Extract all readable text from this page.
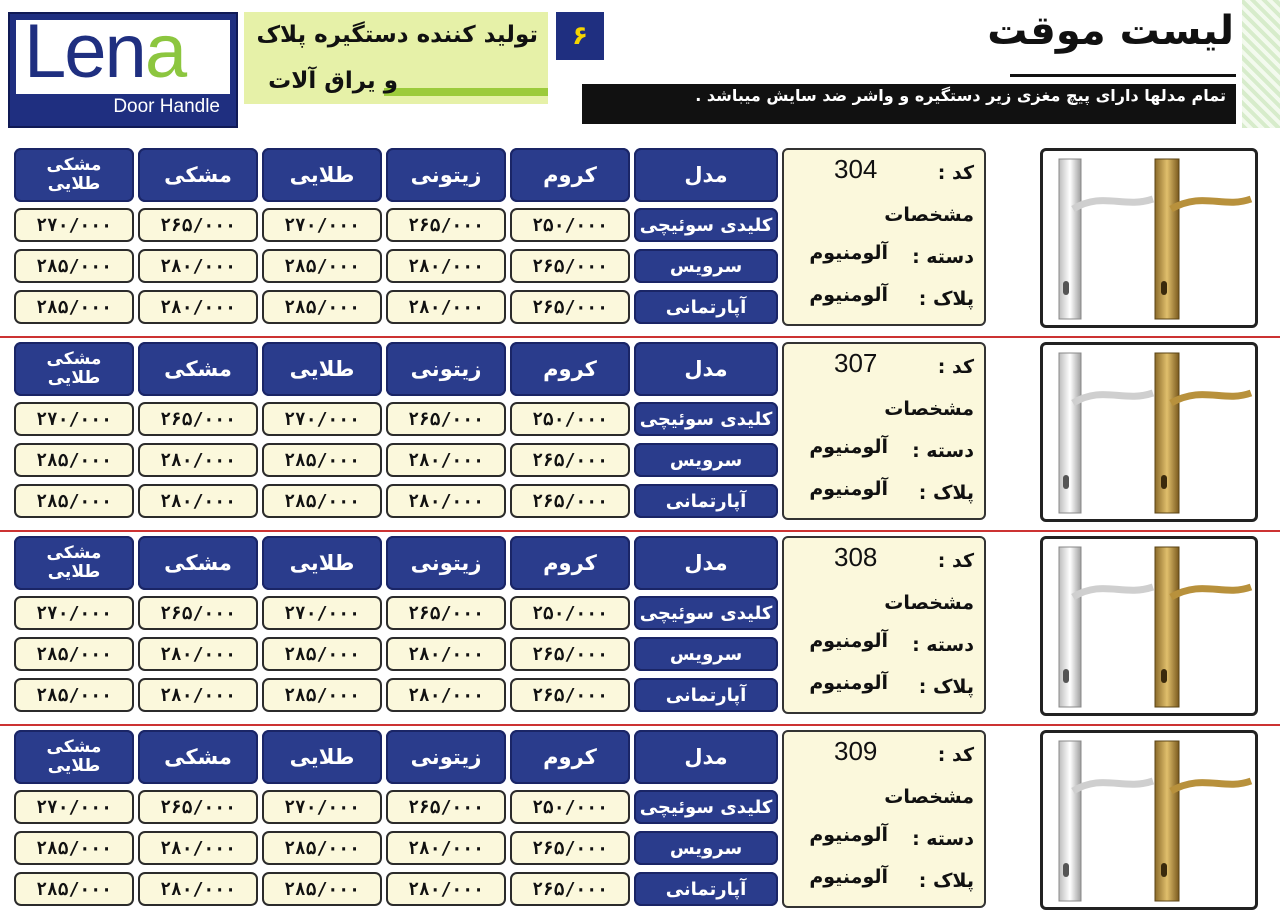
Lena
Door Handle
تولید کننده دستگیره پلاک
و یراق آلات
۶	لیست موقت
تمام مدلها دارای پیچ مغزی زیر دستگیره و واشر ضد سایش میباشد .
مدل
کروم
زیتونی
طلایی
مشکی
مشکی
طلایی
کلیدی سوئیچی
۲۵۰/۰۰۰
۲۶۵/۰۰۰
۲۷۰/۰۰۰
۲۶۵/۰۰۰
۲۷۰/۰۰۰
سرویس
۲۶۵/۰۰۰
۲۸۰/۰۰۰
۲۸۵/۰۰۰
۲۸۰/۰۰۰
۲۸۵/۰۰۰
آپارتمانی
۲۶۵/۰۰۰
۲۸۰/۰۰۰
۲۸۵/۰۰۰
۲۸۰/۰۰۰
۲۸۵/۰۰۰
کد :
304
مشخصات
دسته :
آلومنیوم
پلاک :
آلومنیوم
مدل
کروم
زیتونی
طلایی
مشکی
مشکی
طلایی
کلیدی سوئیچی
۲۵۰/۰۰۰
۲۶۵/۰۰۰
۲۷۰/۰۰۰
۲۶۵/۰۰۰
۲۷۰/۰۰۰
سرویس
۲۶۵/۰۰۰
۲۸۰/۰۰۰
۲۸۵/۰۰۰
۲۸۰/۰۰۰
۲۸۵/۰۰۰
آپارتمانی
۲۶۵/۰۰۰
۲۸۰/۰۰۰
۲۸۵/۰۰۰
۲۸۰/۰۰۰
۲۸۵/۰۰۰
کد :
307
مشخصات
دسته :
آلومنیوم
پلاک :
آلومنیوم
مدل
کروم
زیتونی
طلایی
مشکی
مشکی
طلایی
کلیدی سوئیچی
۲۵۰/۰۰۰
۲۶۵/۰۰۰
۲۷۰/۰۰۰
۲۶۵/۰۰۰
۲۷۰/۰۰۰
سرویس
۲۶۵/۰۰۰
۲۸۰/۰۰۰
۲۸۵/۰۰۰
۲۸۰/۰۰۰
۲۸۵/۰۰۰
آپارتمانی
۲۶۵/۰۰۰
۲۸۰/۰۰۰
۲۸۵/۰۰۰
۲۸۰/۰۰۰
۲۸۵/۰۰۰
کد :
308
مشخصات
دسته :
آلومنیوم
پلاک :
آلومنیوم
مدل
کروم
زیتونی
طلایی
مشکی
مشکی
طلایی
کلیدی سوئیچی
۲۵۰/۰۰۰
۲۶۵/۰۰۰
۲۷۰/۰۰۰
۲۶۵/۰۰۰
۲۷۰/۰۰۰
سرویس
۲۶۵/۰۰۰
۲۸۰/۰۰۰
۲۸۵/۰۰۰
۲۸۰/۰۰۰
۲۸۵/۰۰۰
آپارتمانی
۲۶۵/۰۰۰
۲۸۰/۰۰۰
۲۸۵/۰۰۰
۲۸۰/۰۰۰
۲۸۵/۰۰۰
کد :
309
مشخصات
دسته :
آلومنیوم
پلاک :
آلومنیوم
